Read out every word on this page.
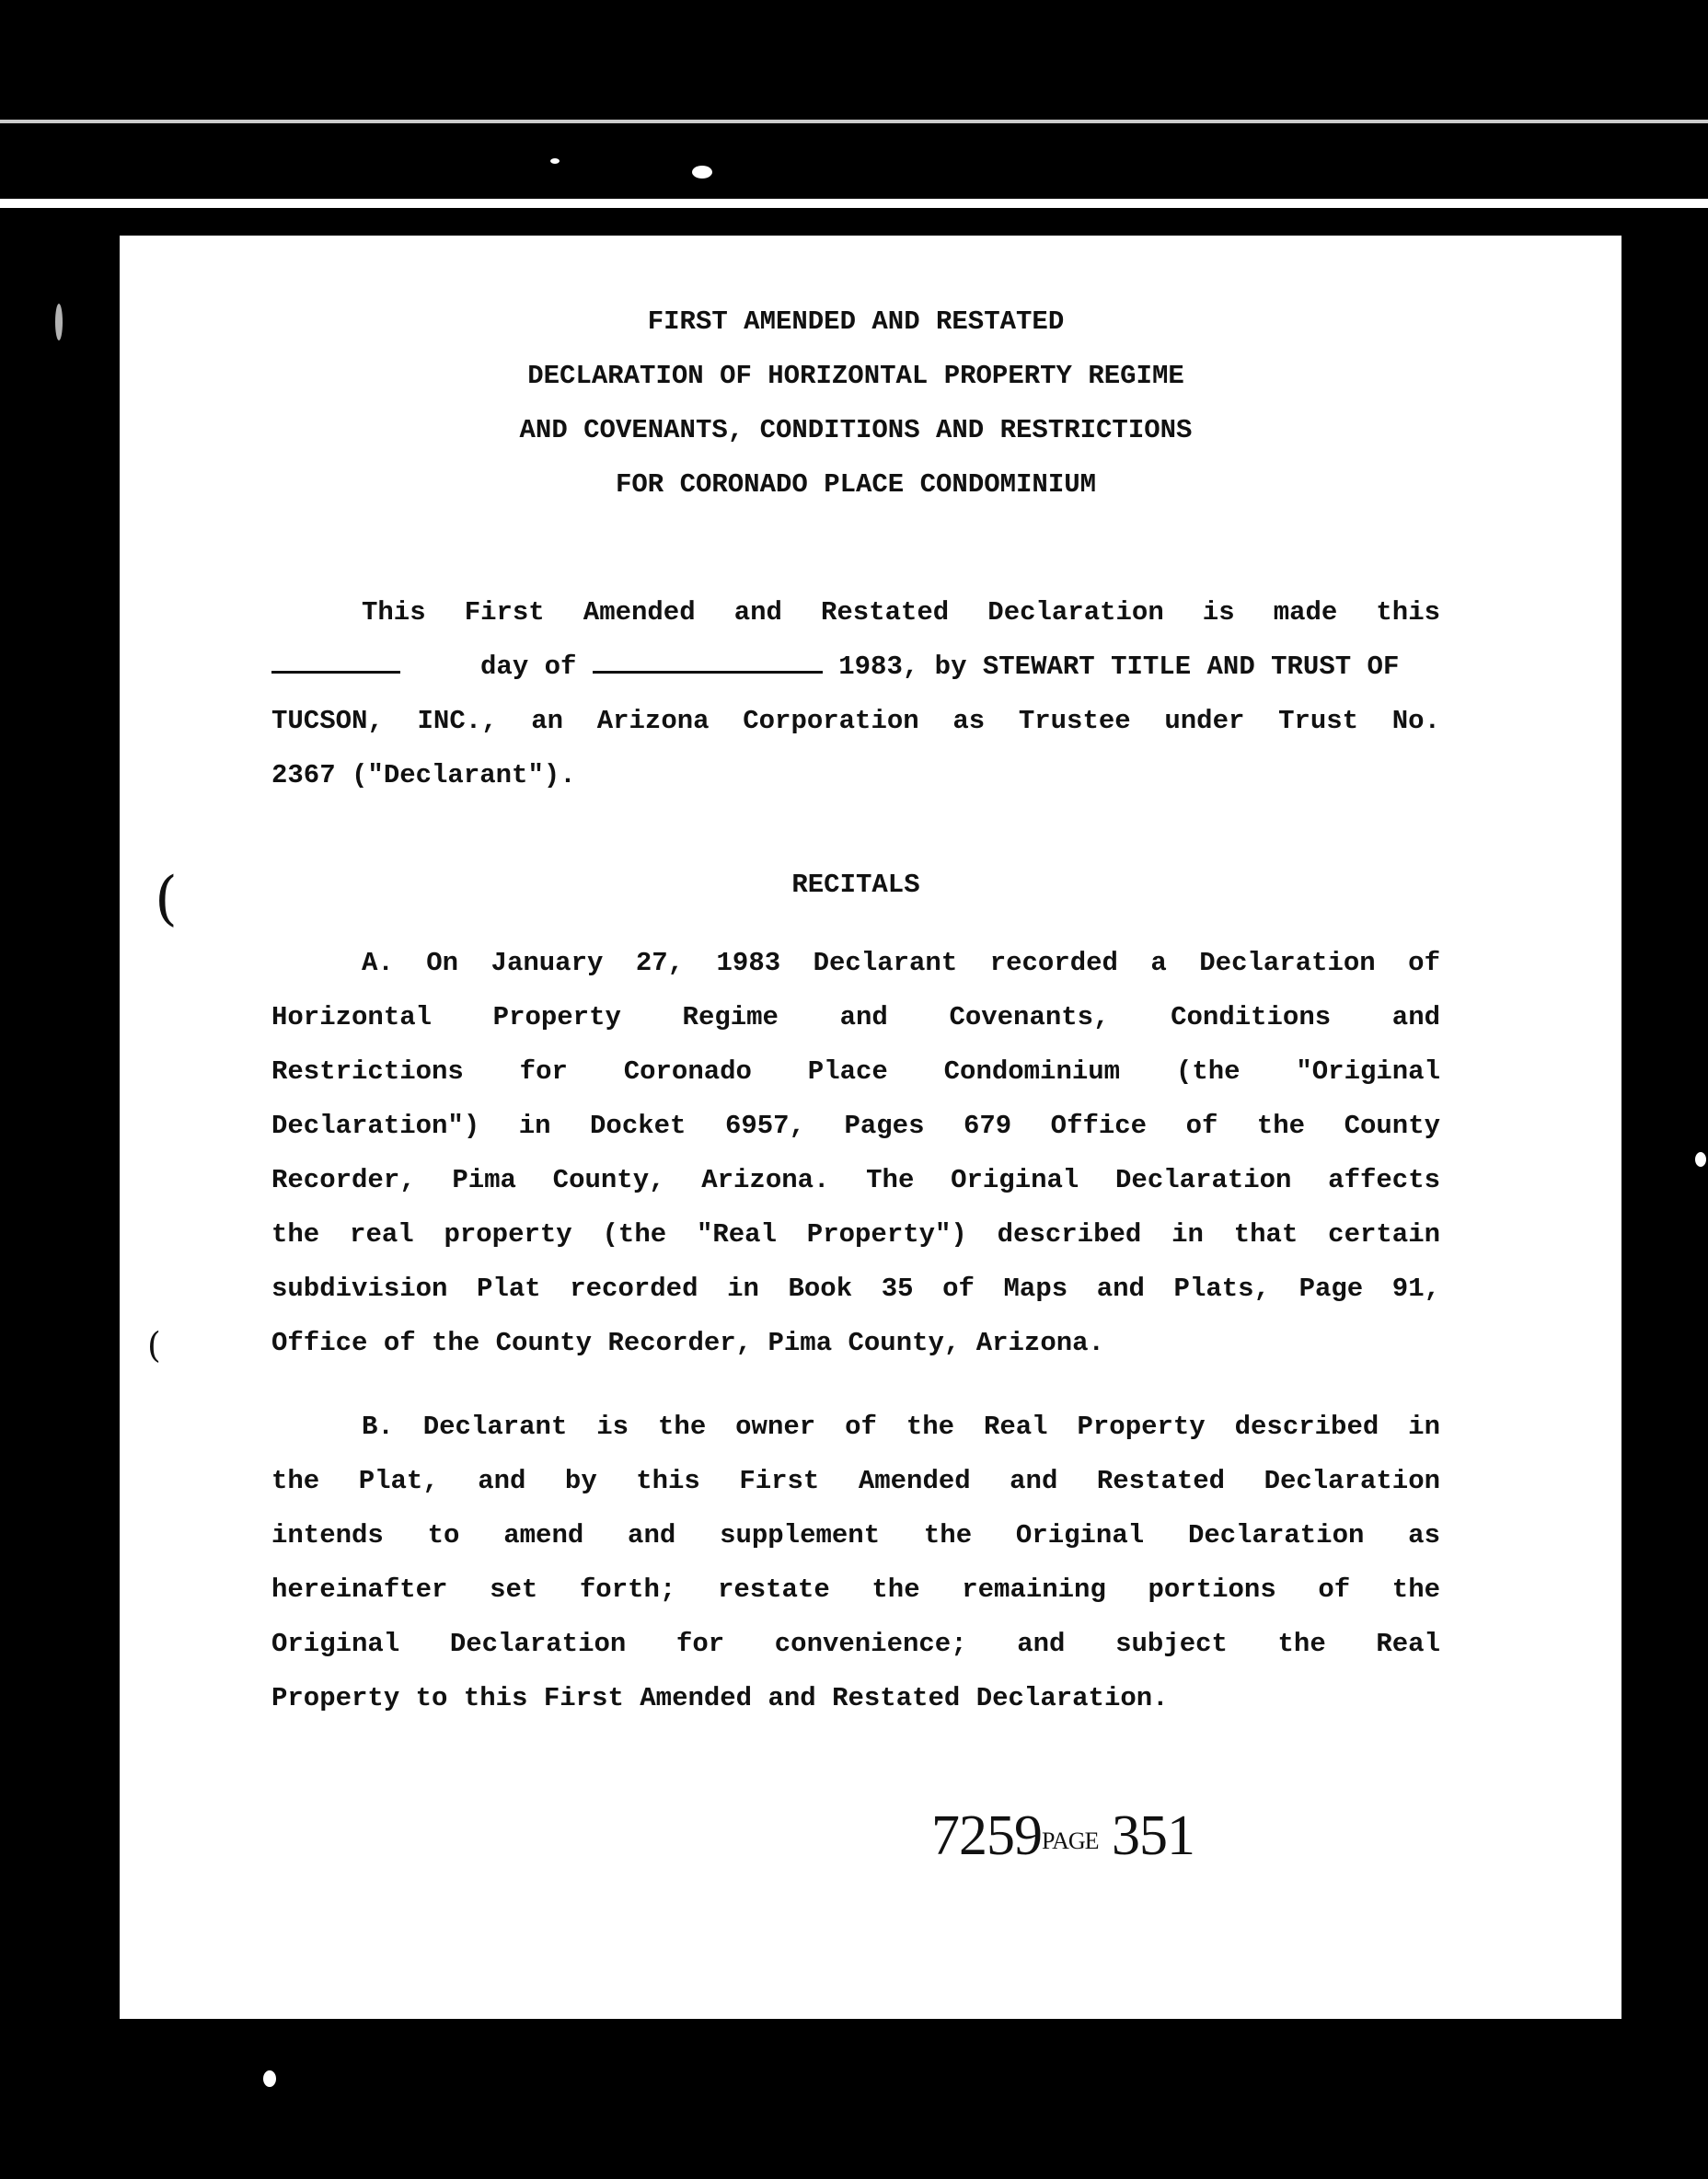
FIRST AMENDED AND RESTATED
DECLARATION OF HORIZONTAL PROPERTY REGIME
AND COVENANTS, CONDITIONS AND RESTRICTIONS
FOR CORONADO PLACE CONDOMINIUM
This First Amended and Restated Declaration is made this
day of	1983, by STEWART TITLE AND TRUST OF
TUCSON, INC., an Arizona Corporation as Trustee under Trust No.
2367 ("Declarant").
RECITALS
A. On January 27, 1983 Declarant recorded a Declaration of
Horizontal Property Regime and Covenants, Conditions and
Restrictions for Coronado Place Condominium (the "Original
Declaration") in Docket 6957, Pages 679 Office of the County
Recorder, Pima County, Arizona. The Original Declaration affects
the real property (the "Real Property") described in that certain
subdivision Plat recorded in Book 35 of Maps and Plats, Page 91,
Office of the County Recorder, Pima County, Arizona.
B. Declarant is the owner of the Real Property described in
the Plat, and by this First Amended and Restated Declaration
intends to amend and supplement the Original Declaration as
hereinafter set forth; restate the remaining portions of the
Original Declaration for convenience; and subject the Real
Property to this First Amended and Restated Declaration.
(
(
7259PAGE 351
